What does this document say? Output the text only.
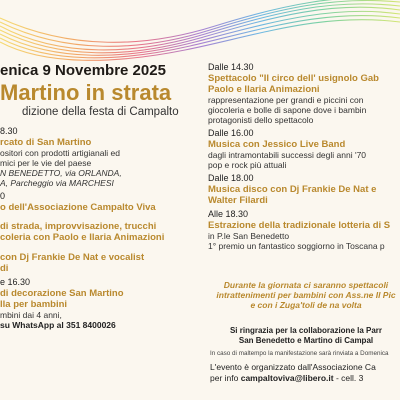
enica 9 Novembre 2025
Martino in strata
dizione della festa di Campalto
8.30
rcato di San Martino
ositori con prodotti artigianali ed
mici per le vie del paese
N BENEDETTO, via ORLANDA,
A, Parcheggio via MARCHESI
0
o dell'Associazione Campalto Viva
di strada, improvvisazione, trucchi
coleria con Paolo e Ilaria Animazioni
con Dj Frankie De Nat e vocalist
di
e 16.30
di decorazione San Martino
lla per bambini
mbini dai 4 anni,
su WhatsApp al 351 8400026
Dalle 14.30
Spettacolo "Il circo dell' usignolo Gab
Paolo e Ilaria Animazioni
rappresentazione per grandi e piccini con
giocoleria e bolle di sapone dove i bambin
protagonisti dello spettacolo
Dalle 16.00
Musica con Jessico Live Band
dagli intramontabili successi degli anni '70
pop e rock più attuali
Dalle 18.00
Musica disco con Dj Frankie De Nat e
Walter Filardi
Alle 18.30
Estrazione della tradizionale lotteria di S
in P.le San Benedetto
1° premio un fantastico soggiorno in Toscana p
Durante la giornata ci saranno spettacoli
intrattenimenti per bambini con Ass.ne Il Pic
e con i Zuga'toli de na volta
Si ringrazia per la collaborazione la Parr
San Benedetto e Martino di Campal
In caso di maltempo la manifestazione sarà rinviata a Domenica
L'evento è organizzato dall'Associazione Ca
per info campaltoviva@libero.it - cell. 3
